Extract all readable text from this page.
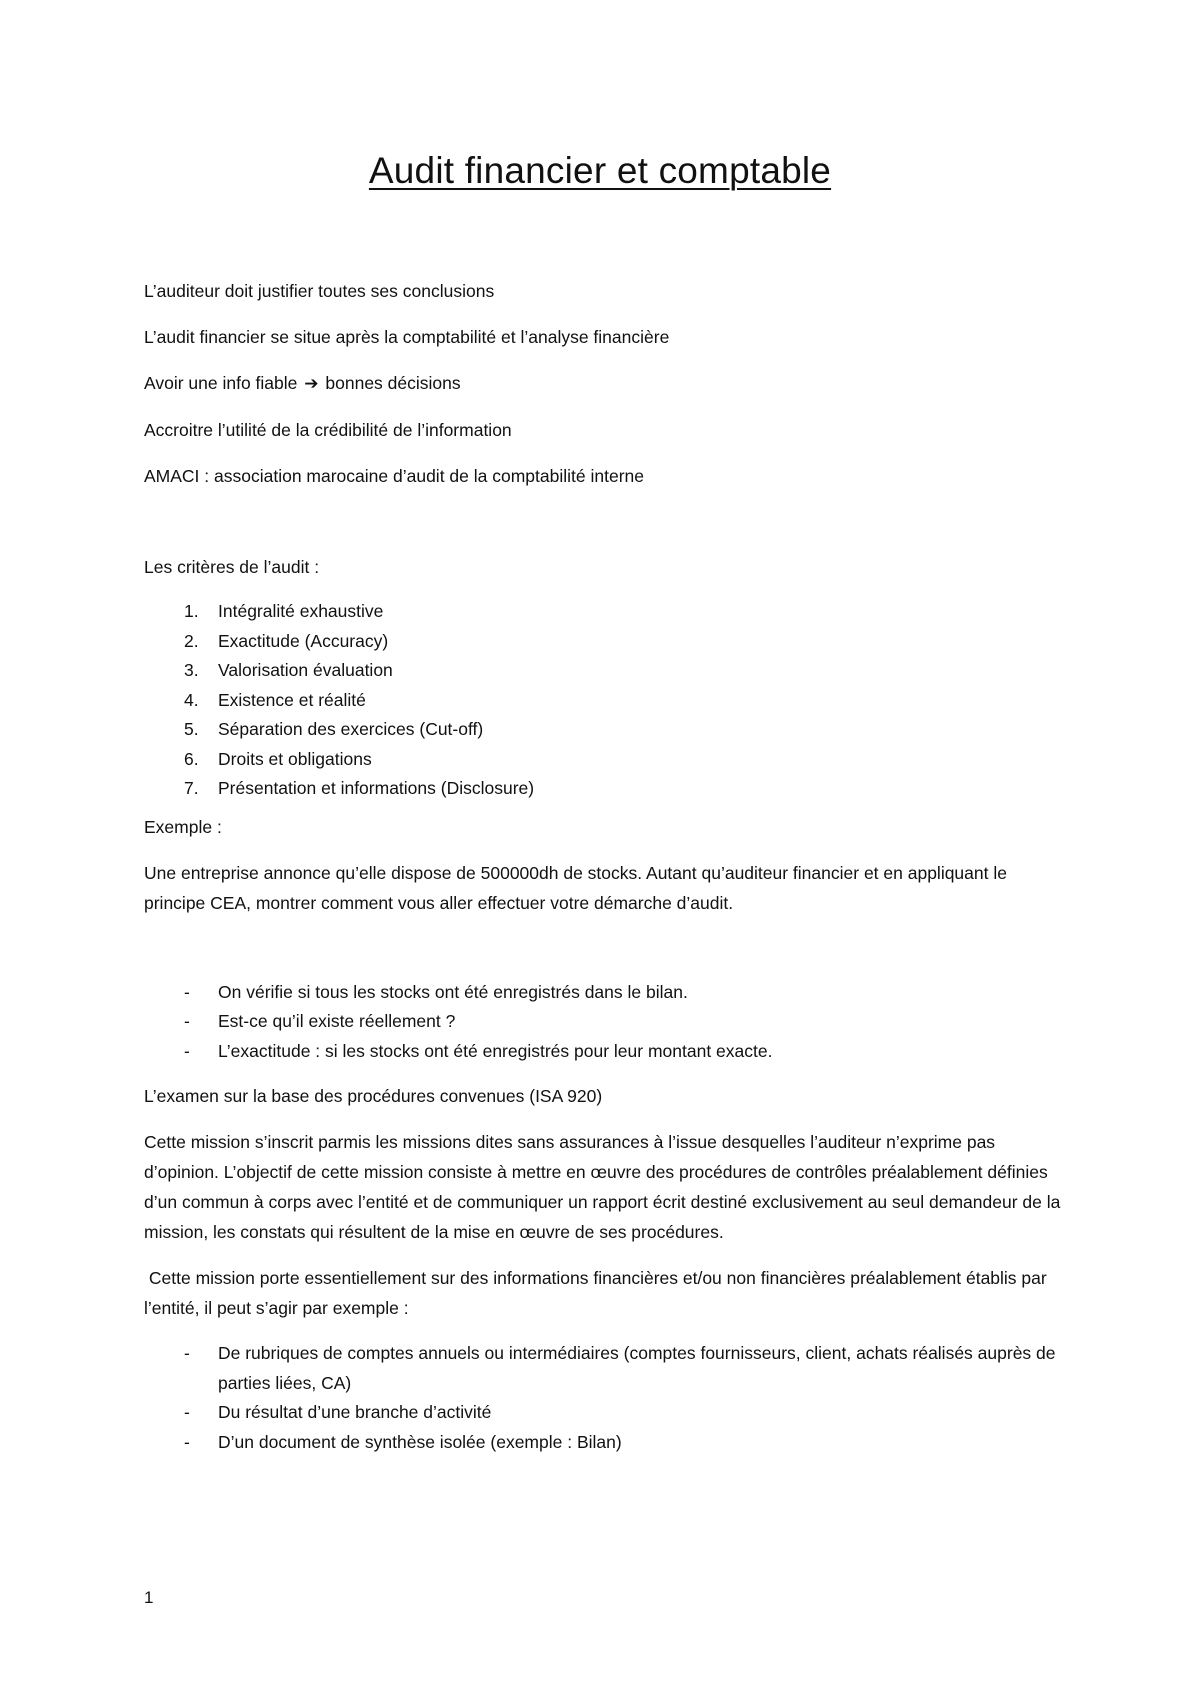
Audit financier et comptable

L’auditeur doit justifier toutes ses conclusions

L’audit financier se situe après la comptabilité et l’analyse financière

Avoir une info fiable ➔ bonnes décisions

Accroitre l’utilité de la crédibilité de l’information

AMACI : association marocaine d’audit de la comptabilité interne

Les critères de l’audit :

1. Intégralité exhaustive
2. Exactitude (Accuracy)
3. Valorisation évaluation
4. Existence et réalité
5. Séparation des exercices (Cut-off)
6. Droits et obligations
7. Présentation et informations (Disclosure)

Exemple :

Une entreprise annonce qu’elle dispose de 500000dh de stocks. Autant qu’auditeur financier et en appliquant le principe CEA, montrer comment vous aller effectuer votre démarche d’audit.

- On vérifie si tous les stocks ont été enregistrés dans le bilan.
- Est-ce qu’il existe réellement ?
- L’exactitude : si les stocks ont été enregistrés pour leur montant exacte.

L’examen sur la base des procédures convenues (ISA 920)

Cette mission s’inscrit parmis les missions dites sans assurances à l’issue desquelles l’auditeur n’exprime pas d’opinion. L’objectif de cette mission consiste à mettre en œuvre des procédures de contrôles préalablement définies d’un commun à corps avec l’entité et de communiquer un rapport écrit destiné exclusivement au seul demandeur de la mission, les constats qui résultent de la mise en œuvre de ses procédures.

Cette mission porte essentiellement sur des informations financières et/ou non financières préalablement établis par l’entité, il peut s’agir par exemple :

- De rubriques de comptes annuels ou intermédiaires (comptes fournisseurs, client, achats réalisés auprès de parties liées, CA)
- Du résultat d’une branche d’activité
- D’un document de synthèse isolée (exemple : Bilan)
1
